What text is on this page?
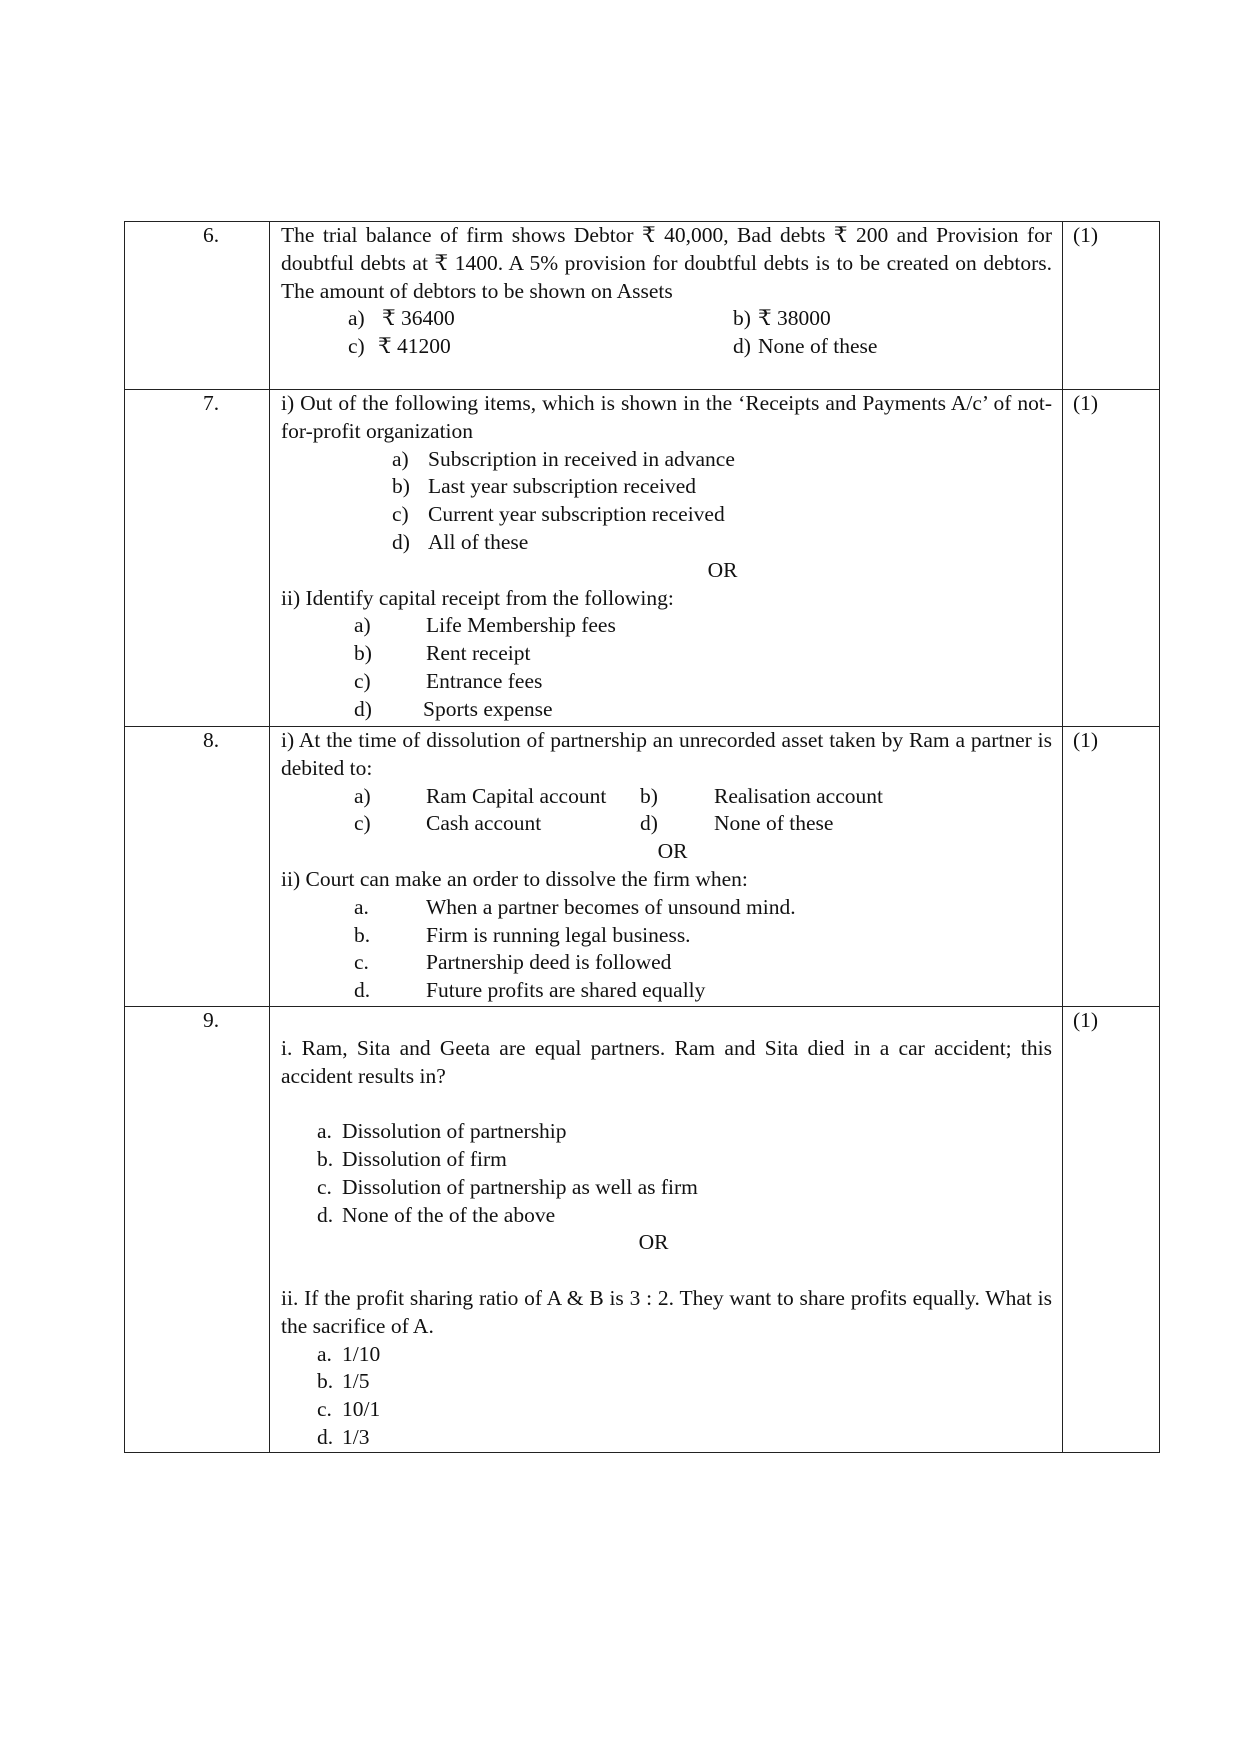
6.	The trial balance of firm shows Debtor ₹ 40,000, Bad debts ₹ 200 and Provision for doubtful debts at ₹ 1400. A 5% provision for doubtful debts is to be created on debtors. The amount of debtors to be shown on Assets
a) ₹ 36400	b) ₹ 38000
c) ₹ 41200	d) None of these
	(1)
7.	i) Out of the following items, which is shown in the ‘Receipts and Payments A/c’ of not-for-profit organization
a) Subscription in received in advance
b) Last year subscription received
c) Current year subscription received
d) All of these
OR
ii) Identify capital receipt from the following:
a)	Life Membership fees
b)	Rent receipt
c)	Entrance fees
d)	Sports expense
	(1)
8.	i) At the time of dissolution of partnership an unrecorded asset taken by Ram a partner is debited to:
a)	Ram Capital account	b)	Realisation account
c)	Cash account	d)	None of these
OR
ii) Court can make an order to dissolve the firm when:
a.	When a partner becomes of unsound mind.
b.	Firm is running legal business.
c.	Partnership deed is followed
d.	Future profits are shared equally
	(1)
9.	
i. Ram, Sita and Geeta are equal partners. Ram and Sita died in a car accident; this accident results in?
a. Dissolution of partnership
b. Dissolution of firm
c. Dissolution of partnership as well as firm
d. None of the of the above
OR
ii. If the profit sharing ratio of A & B is 3 : 2. They want to share profits equally. What is the sacrifice of A.
a. 1/10
b. 1/5
c. 10/1
d. 1/3
	(1)
